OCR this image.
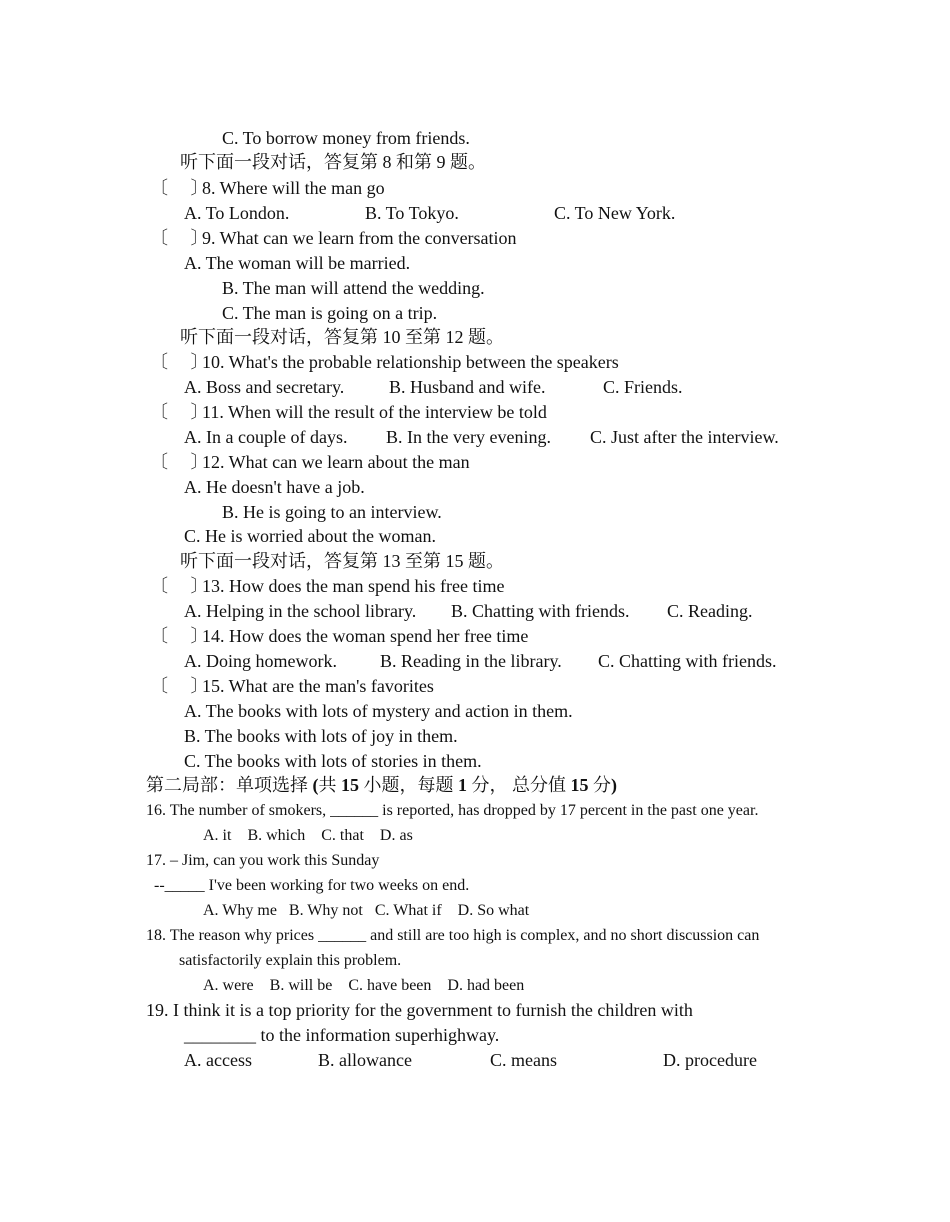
C. To borrow money from friends.
听下面一段对话，答复第 8 和第 9 题。
〔　 〕
8. Where will the man go
A. To London.	B. To Tokyo.	C. To New York.
〔　 〕
9. What can we learn from the conversation
A. The woman will be married.
B. The man will attend the wedding.
C. The man is going on a trip.
听下面一段对话，答复第 10 至第 12 题。
〔　 〕
10. What's the probable relationship between the speakers
A. Boss and secretary. B. Husband and wife.	C. Friends.
〔　 〕
11. When will the result of the interview be told
A. In a couple of days. B. In the very evening. C. Just after the interview.
〔　 〕
12. What can we learn about the man
A. He doesn't have a job.
B. He is going to an interview.
C. He is worried about the woman.
听下面一段对话，答复第 13 至第 15 题。
〔　 〕
13. How does the man spend his free time
A. Helping in the school library. B. Chatting with friends. C. Reading.
〔　 〕
14. How does the woman spend her free time
A. Doing homework. B. Reading in the library. C. Chatting with friends.
〔　 〕
15. What are the man's favorites
A. The books with lots of mystery and action in them.
B. The books with lots of joy in them.
C. The books with lots of stories in them.
第二局部：单项选择 (共 15 小题，每题 1 分， 总分值 15 分)
16. The number of smokers, ______ is reported, has dropped by 17 percent in the past one year.
A. it B. which C. that D. as
17. – Jim, can you work this Sunday
--_____ I've been working for two weeks on end.
A. Why me B. Why not C. What if D. So what
18. The reason why prices ______ and still are too high is complex, and no short discussion can
satisfactorily explain this problem.
A. were B. will be C. have been D. had been
19. I think it is a top priority for the government to furnish the children with
________ to the information superhighway.
A. access	B. allowance	C. means	D. procedure
